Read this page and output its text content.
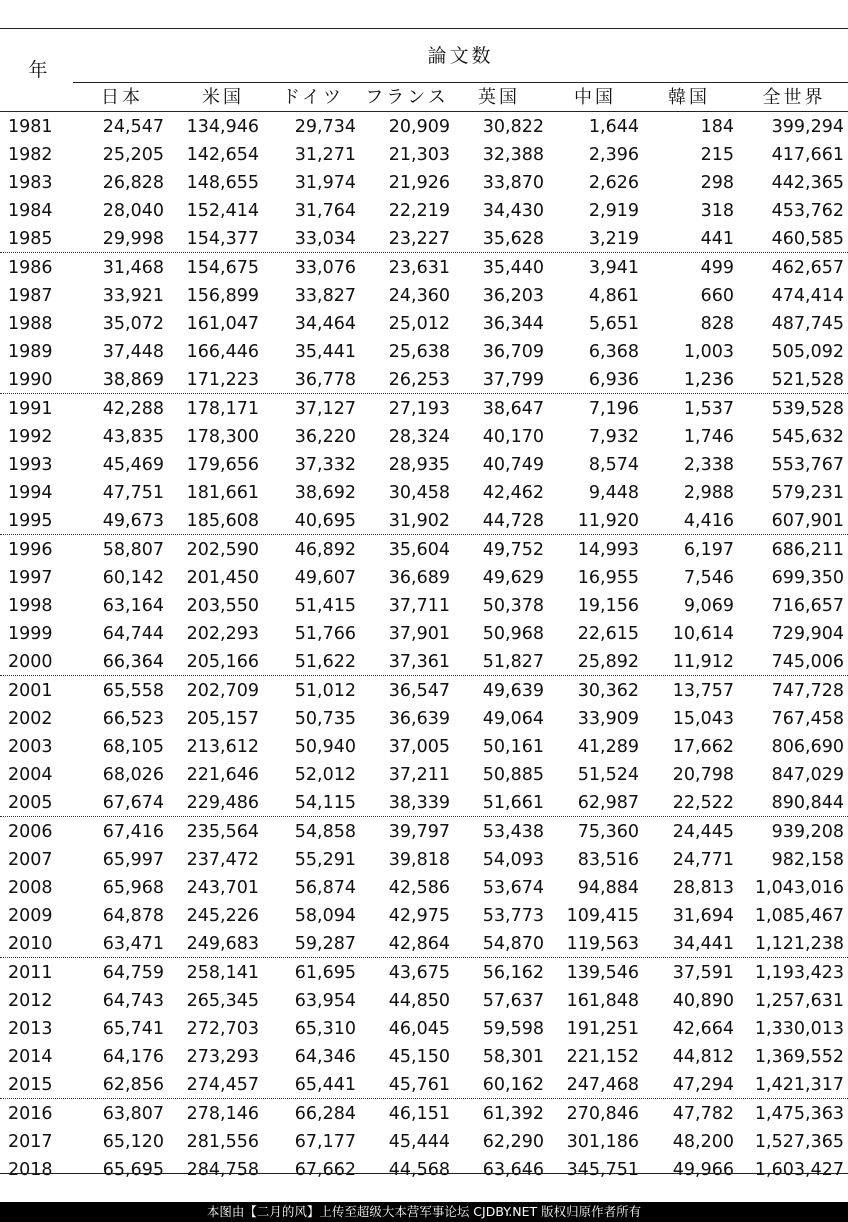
年
論文数
日本	米国	ドイツ	フランス	英国	中国	韓国	全世界
1981	24,547	134,946	29,734	20,909	30,822	1,644	184	399,294
1982	25,205	142,654	31,271	21,303	32,388	2,396	215	417,661
1983	26,828	148,655	31,974	21,926	33,870	2,626	298	442,365
1984	28,040	152,414	31,764	22,219	34,430	2,919	318	453,762
1985	29,998	154,377	33,034	23,227	35,628	3,219	441	460,585
1986	31,468	154,675	33,076	23,631	35,440	3,941	499	462,657
1987	33,921	156,899	33,827	24,360	36,203	4,861	660	474,414
1988	35,072	161,047	34,464	25,012	36,344	5,651	828	487,745
1989	37,448	166,446	35,441	25,638	36,709	6,368	1,003	505,092
1990	38,869	171,223	36,778	26,253	37,799	6,936	1,236	521,528
1991	42,288	178,171	37,127	27,193	38,647	7,196	1,537	539,528
1992	43,835	178,300	36,220	28,324	40,170	7,932	1,746	545,632
1993	45,469	179,656	37,332	28,935	40,749	8,574	2,338	553,767
1994	47,751	181,661	38,692	30,458	42,462	9,448	2,988	579,231
1995	49,673	185,608	40,695	31,902	44,728	11,920	4,416	607,901
1996	58,807	202,590	46,892	35,604	49,752	14,993	6,197	686,211
1997	60,142	201,450	49,607	36,689	49,629	16,955	7,546	699,350
1998	63,164	203,550	51,415	37,711	50,378	19,156	9,069	716,657
1999	64,744	202,293	51,766	37,901	50,968	22,615	10,614	729,904
2000	66,364	205,166	51,622	37,361	51,827	25,892	11,912	745,006
2001	65,558	202,709	51,012	36,547	49,639	30,362	13,757	747,728
2002	66,523	205,157	50,735	36,639	49,064	33,909	15,043	767,458
2003	68,105	213,612	50,940	37,005	50,161	41,289	17,662	806,690
2004	68,026	221,646	52,012	37,211	50,885	51,524	20,798	847,029
2005	67,674	229,486	54,115	38,339	51,661	62,987	22,522	890,844
2006	67,416	235,564	54,858	39,797	53,438	75,360	24,445	939,208
2007	65,997	237,472	55,291	39,818	54,093	83,516	24,771	982,158
2008	65,968	243,701	56,874	42,586	53,674	94,884	28,813	1,043,016
2009	64,878	245,226	58,094	42,975	53,773	109,415	31,694	1,085,467
2010	63,471	249,683	59,287	42,864	54,870	119,563	34,441	1,121,238
2011	64,759	258,141	61,695	43,675	56,162	139,546	37,591	1,193,423
2012	64,743	265,345	63,954	44,850	57,637	161,848	40,890	1,257,631
2013	65,741	272,703	65,310	46,045	59,598	191,251	42,664	1,330,013
2014	64,176	273,293	64,346	45,150	58,301	221,152	44,812	1,369,552
2015	62,856	274,457	65,441	45,761	60,162	247,468	47,294	1,421,317
2016	63,807	278,146	66,284	46,151	61,392	270,846	47,782	1,475,363
2017	65,120	281,556	67,177	45,444	62,290	301,186	48,200	1,527,365
2018	65,695	284,758	67,662	44,568	63,646	345,751	49,966	1,603,427
本图由【二月的风】上传至超级大本营军事论坛 CJDBY.NET 版权归原作者所有
